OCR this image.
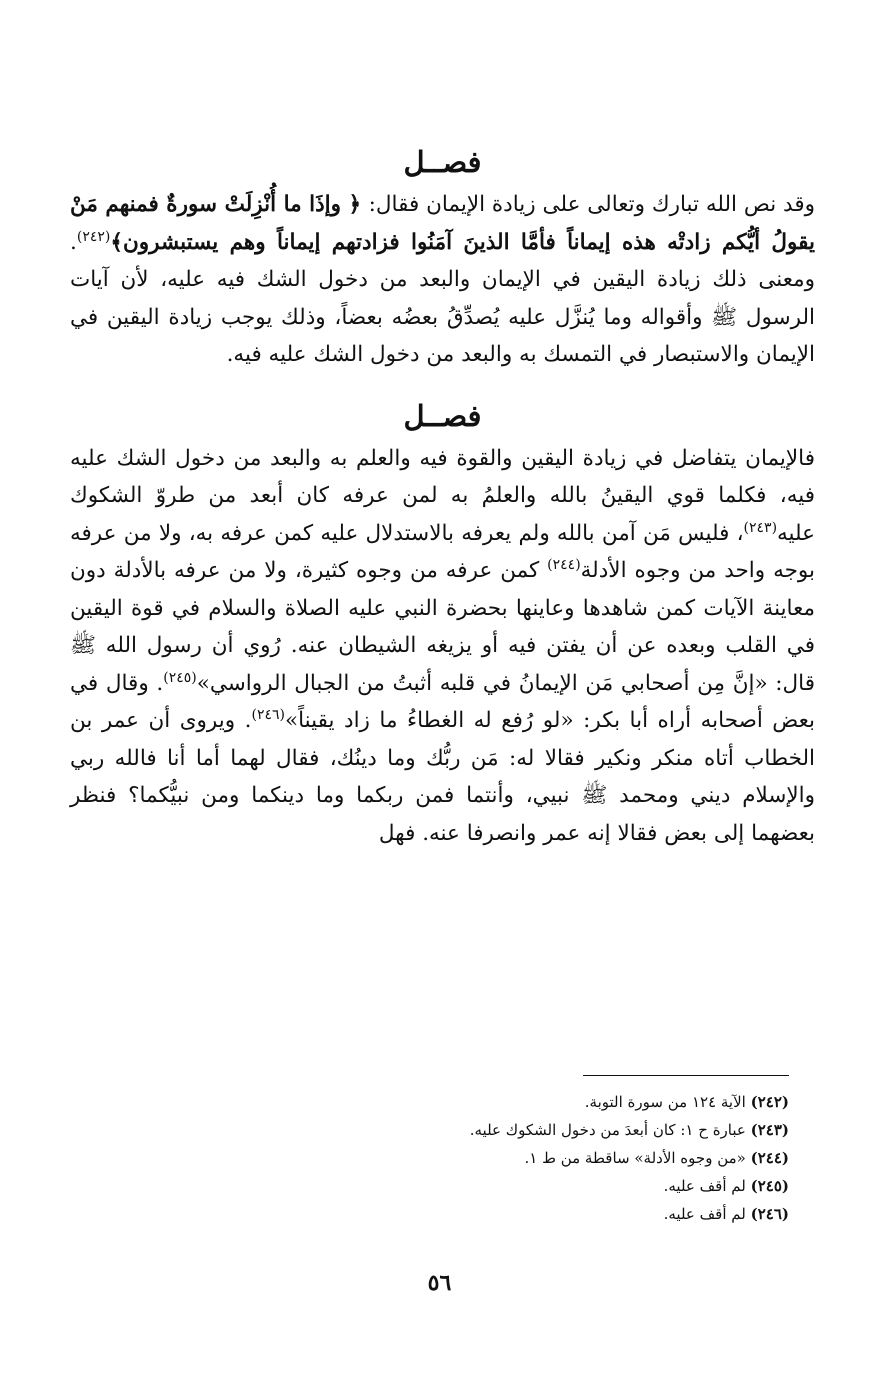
فصــل

وقد نص الله تبارك وتعالى على زيادة الإيمان فقال: ﴿ وإذَا ما أُنْزِلَتْ سورةٌ فمنهم مَنْ يقولُ أيُّكم زادتْه هذه إيماناً فأمَّا الذينَ آمَنُوا فزادتهم إيماناً وهم يستبشرون﴾$^{(٢٤٢)}$. ومعنى ذلك زيادة اليقين في الإيمان والبعد من دخول الشك فيه عليه، لأن آيات الرسول ﷺ وأقواله وما يُنزَّل عليه يُصدِّقُ بعضُه بعضاً، وذلك يوجب زيادة اليقين في الإيمان والاستبصار في التمسك به والبعد من دخول الشك عليه فيه.

فصــل

فالإيمان يتفاضل في زيادة اليقين والقوة فيه والعلم به والبعد من دخول الشك عليه فيه، فكلما قوي اليقينُ بالله والعلمُ به لمن عرفه كان أبعد من طروّ الشكوك عليه$^{(٢٤٣)}$، فليس مَن آمن بالله ولم يعرفه بالاستدلال عليه كمن عرفه به، ولا من عرفه بوجه واحد من وجوه الأدلة$^{(٢٤٤)}$ كمن عرفه من وجوه كثيرة، ولا من عرفه بالأدلة دون معاينة الآيات كمن شاهدها وعاينها بحضرة النبي عليه الصلاة والسلام في قوة اليقين في القلب وبعده عن أن يفتن فيه أو يزيغه الشيطان عنه. رُوي أن رسول الله ﷺ قال: «إنَّ مِن أصحابي مَن الإيمانُ في قلبه أثبتُ من الجبال الرواسي»$^{(٢٤٥)}$. وقال في بعض أصحابه أراه أبا بكر: «لو رُفع له الغطاءُ ما زاد يقيناً»$^{(٢٤٦)}$. ويروى أن عمر بن الخطاب أتاه منكر ونكير فقالا له: مَن ربُّك وما دينُك، فقال لهما أما أنا فالله ربي والإسلام ديني ومحمد ﷺ نبيي، وأنتما فمن ربكما وما دينكما ومن نبيُّكما؟ فنظر بعضهما إلى بعض فقالا إنه عمر وانصرفا عنه. فهل

(٢٤٢) الآية ١٢٤ من سورة التوبة.

(٢٤٣) عبارة ح ١: كان أبعدَ من دخول الشكوك عليه.

(٢٤٤) «من وجوه الأدلة» ساقطة من ط ١.

(٢٤٥) لم أقف عليه.

(٢٤٦) لم أقف عليه.

٥٦
